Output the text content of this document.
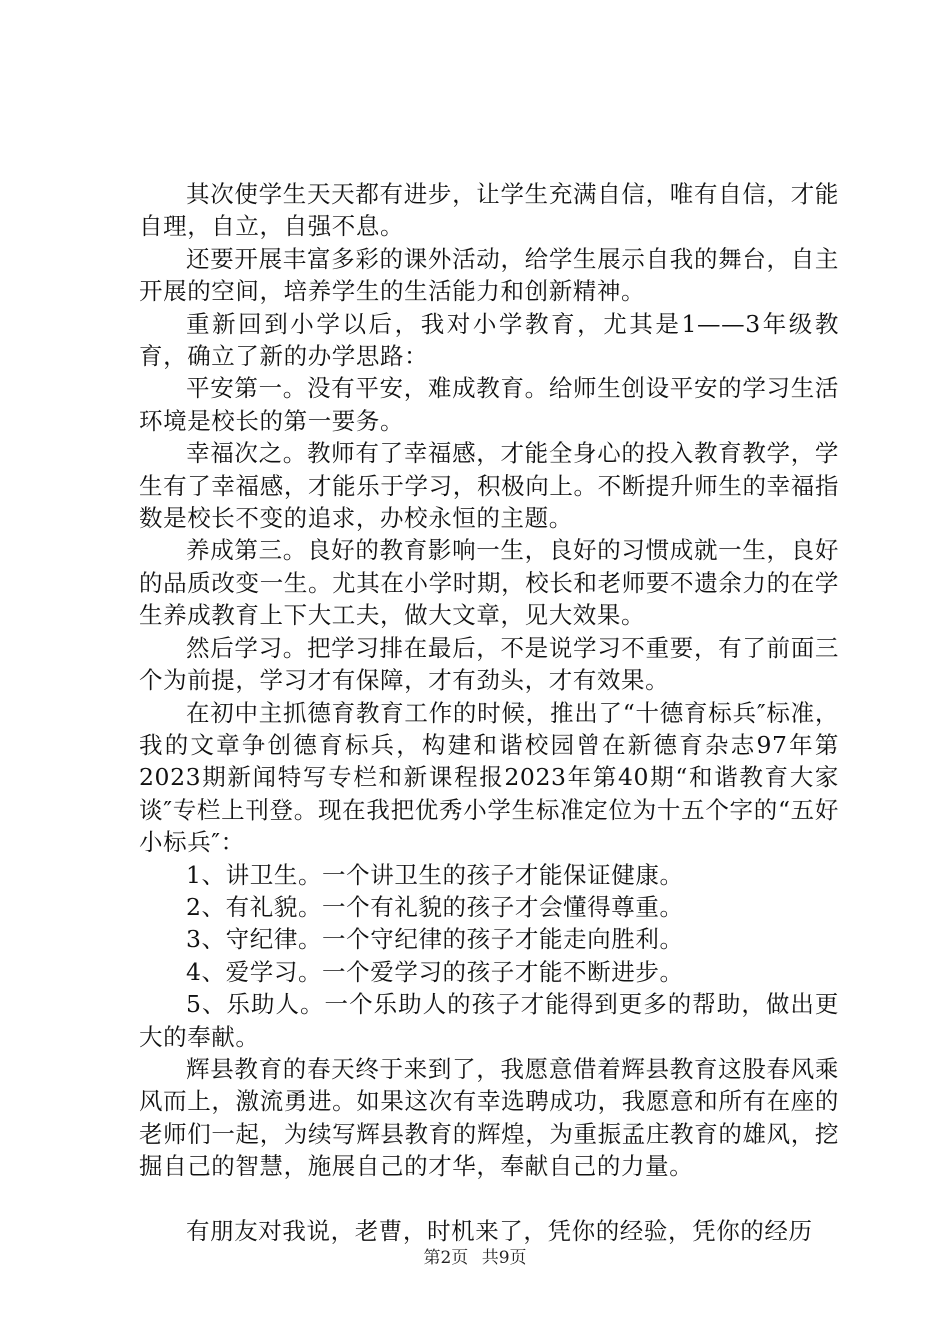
其次使学生天天都有进步，让学生充满自信，唯有自信，才能自理，自立，自强不息。

还要开展丰富多彩的课外活动，给学生展示自我的舞台，自主开展的空间，培养学生的生活能力和创新精神。

重新回到小学以后，我对小学教育，尤其是1——3年级教育，确立了新的办学思路：

平安第一。没有平安，难成教育。给师生创设平安的学习生活环境是校长的第一要务。

幸福次之。教师有了幸福感，才能全身心的投入教育教学，学生有了幸福感，才能乐于学习，积极向上。不断提升师生的幸福指数是校长不变的追求，办校永恒的主题。

养成第三。良好的教育影响一生，良好的习惯成就一生，良好的品质改变一生。尤其在小学时期，校长和老师要不遗余力的在学生养成教育上下大工夫，做大文章，见大效果。

然后学习。把学习排在最后，不是说学习不重要，有了前面三个为前提，学习才有保障，才有劲头，才有效果。

在初中主抓德育教育工作的时候，推出了“十德育标兵″标准，我的文章争创德育标兵，构建和谐校园曾在新德育杂志97年第2023期新闻特写专栏和新课程报2023年第40期“和谐教育大家谈″专栏上刊登。现在我把优秀小学生标准定位为十五个字的“五好小标兵″：

1、讲卫生。一个讲卫生的孩子才能保证健康。

2、有礼貌。一个有礼貌的孩子才会懂得尊重。

3、守纪律。一个守纪律的孩子才能走向胜利。

4、爱学习。一个爱学习的孩子才能不断进步。

5、乐助人。一个乐助人的孩子才能得到更多的帮助，做出更大的奉献。

辉县教育的春天终于来到了，我愿意借着辉县教育这股春风乘风而上，激流勇进。如果这次有幸选聘成功，我愿意和所有在座的老师们一起，为续写辉县教育的辉煌，为重振孟庄教育的雄风，挖掘自己的智慧，施展自己的才华，奉献自己的力量。

有朋友对我说，老曹，时机来了，凭你的经验，凭你的经历

第2页 共9页
